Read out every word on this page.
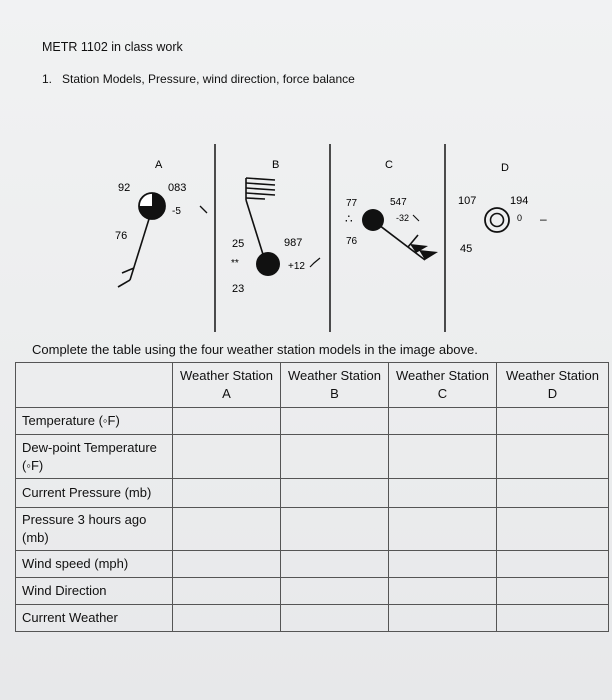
METR 1102 in class work
1. Station Models, Pressure, wind direction, force balance
A
92	083
-5
76
B
25
**
23
987
+12
C
77
∴
76
547
-32
D
107	194
0 –
45
Complete the table using the four weather station models in the image above.
	Weather Station A	Weather Station B	Weather Station C	Weather Station D
Temperature (◦F)				
Dew-point Temperature (◦F)				
Current Pressure (mb)				
Pressure 3 hours ago (mb)				
Wind speed (mph)				
Wind Direction				
Current Weather				
